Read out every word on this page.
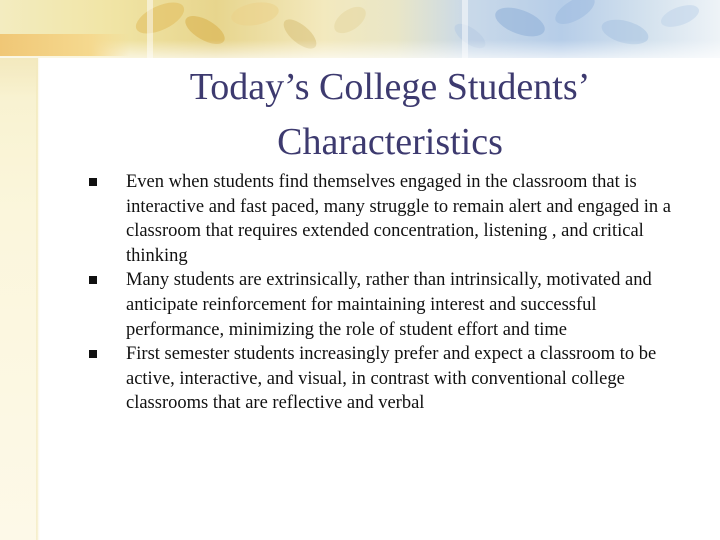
Today’s College Students’ Characteristics
Even when students find themselves engaged in the classroom that is interactive and fast paced, many struggle to remain alert and engaged in a classroom that requires extended concentration, listening , and critical thinking
Many students are extrinsically, rather than intrinsically, motivated and anticipate reinforcement for maintaining interest and successful performance, minimizing the role of student effort and time
First semester students increasingly prefer and expect a classroom to be active, interactive, and visual, in contrast with conventional college classrooms that are reflective and verbal
